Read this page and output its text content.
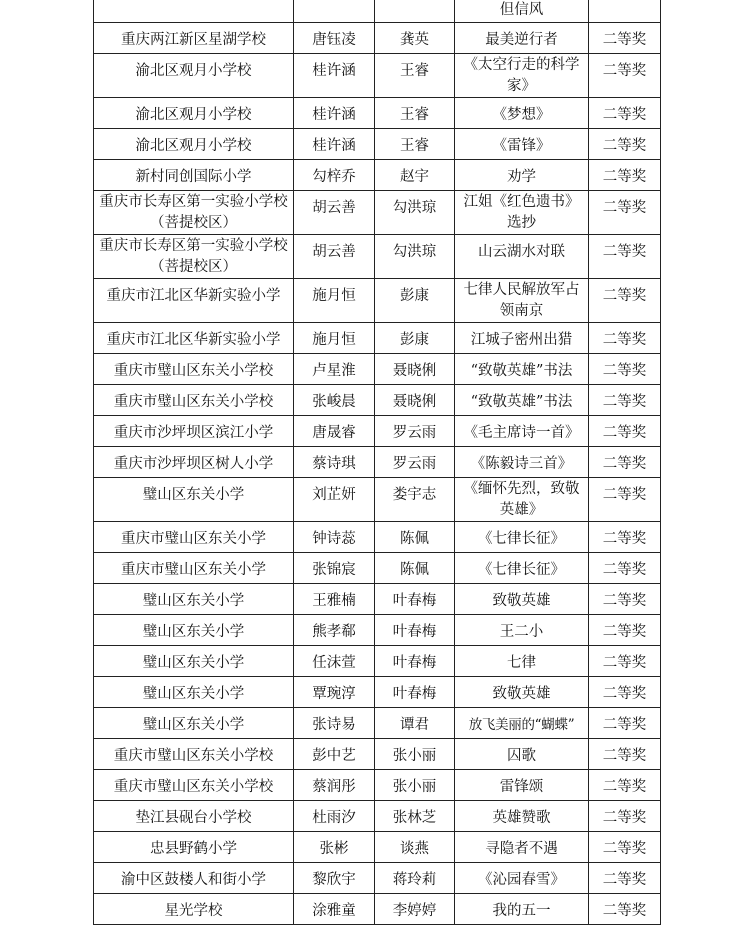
			但信风	
重庆两江新区星湖学校	唐钰凌	龚英	最美逆行者	二等奖
渝北区观月小学校	桂许涵	王睿	《太空行走的科学家》	二等奖
渝北区观月小学校	桂许涵	王睿	《梦想》	二等奖
渝北区观月小学校	桂许涵	王睿	《雷锋》	二等奖
新村同创国际小学	勾梓乔	赵宇	劝学	二等奖
重庆市长寿区第一实验小学校（菩提校区）	胡云善	勾洪琼	江姐《红色遗书》选抄	二等奖
重庆市长寿区第一实验小学校（菩提校区）	胡云善	勾洪琼	山云湖水对联	二等奖
重庆市江北区华新实验小学	施月恒	彭康	七律人民解放军占领南京	二等奖
重庆市江北区华新实验小学	施月恒	彭康	江城子密州出猎	二等奖
重庆市璧山区东关小学校	卢星淮	聂晓俐	“致敬英雄”书法	二等奖
重庆市璧山区东关小学校	张峻晨	聂晓俐	“致敬英雄”书法	二等奖
重庆市沙坪坝区滨江小学	唐晟睿	罗云雨	《毛主席诗一首》	二等奖
重庆市沙坪坝区树人小学	蔡诗琪	罗云雨	《陈毅诗三首》	二等奖
璧山区东关小学	刘芷妍	娄宇志	《缅怀先烈，致敬英雄》	二等奖
重庆市璧山区东关小学	钟诗蕊	陈佩	《七律长征》	二等奖
重庆市璧山区东关小学	张锦宸	陈佩	《七律长征》	二等奖
璧山区东关小学	王雅楠	叶春梅	致敬英雄	二等奖
璧山区东关小学	熊孝郗	叶春梅	王二小	二等奖
璧山区东关小学	任沫萱	叶春梅	七律	二等奖
璧山区东关小学	覃琬淳	叶春梅	致敬英雄	二等奖
璧山区东关小学	张诗易	谭君	放飞美丽的“蝴蝶”	二等奖
重庆市璧山区东关小学校	彭中艺	张小丽	囚歌	二等奖
重庆市璧山区东关小学校	蔡润彤	张小丽	雷锋颂	二等奖
垫江县砚台小学校	杜雨汐	张林芝	英雄赞歌	二等奖
忠县野鹤小学	张彬	谈燕	寻隐者不遇	二等奖
渝中区鼓楼人和街小学	黎欣宇	蒋玲莉	《沁园春雪》	二等奖
星光学校	涂雅童	李婷婷	我的五一	二等奖
